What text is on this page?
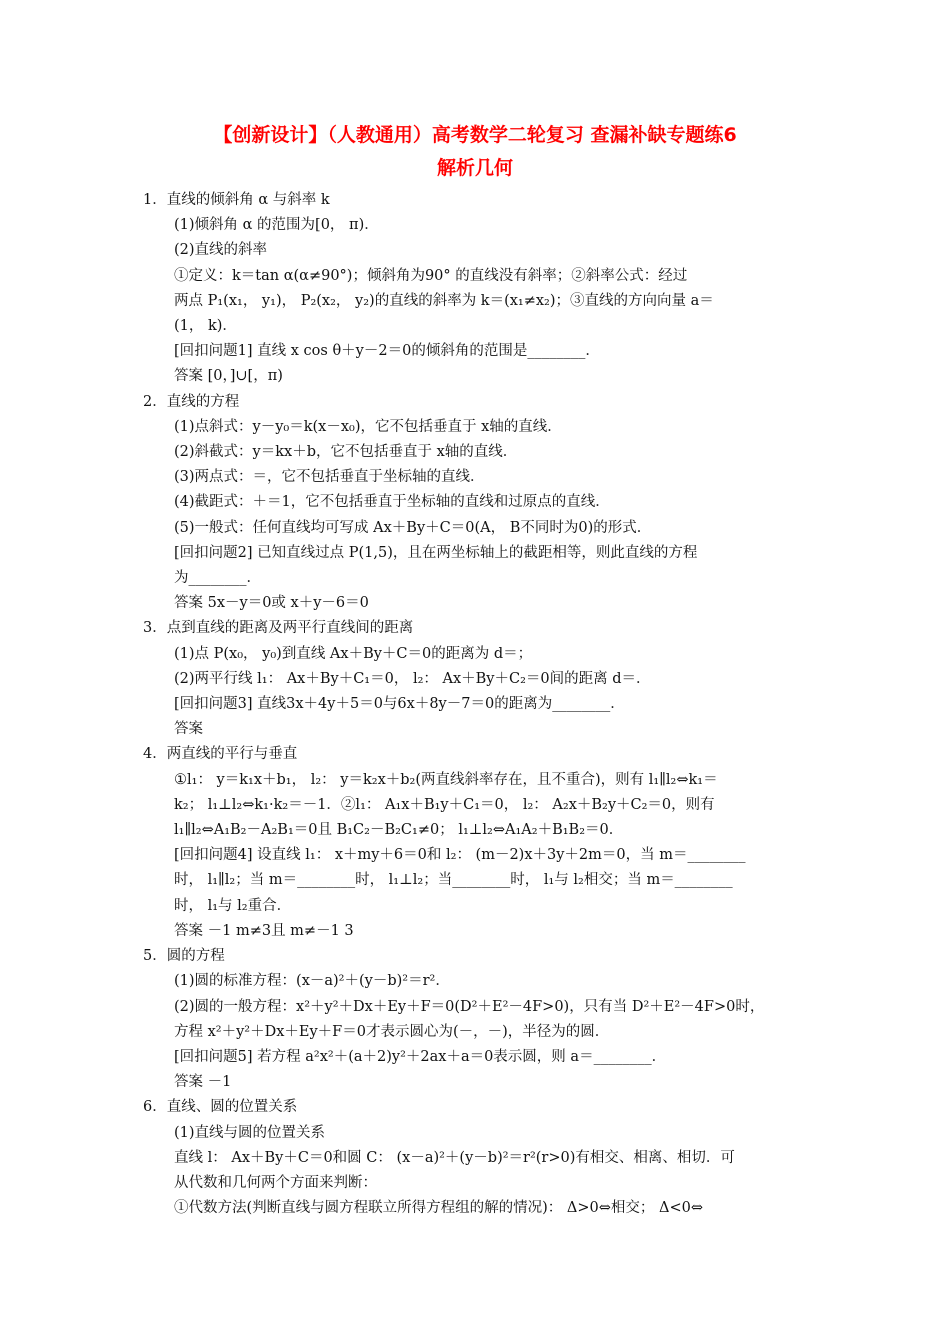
【创新设计】（人教通用）高考数学二轮复习 查漏补缺专题练6
解析几何
1．直线的倾斜角 α 与斜率 k
(1)倾斜角 α 的范围为[0， π)．
(2)直线的斜率
①定义：k＝tan α(α≠90°)；倾斜角为90° 的直线没有斜率；②斜率公式：经过
两点 P₁(x₁， y₁)， P₂(x₂， y₂)的直线的斜率为 k＝(x₁≠x₂)；③直线的方向向量 a＝
(1， k)．
[回扣问题1] 直线 x cos θ＋y－2＝0的倾斜角的范围是________．
答案 [0，]∪[，π)
2．直线的方程
(1)点斜式：y－y₀＝k(x－x₀)，它不包括垂直于 x轴的直线．
(2)斜截式：y＝kx＋b，它不包括垂直于 x轴的直线．
(3)两点式：＝，它不包括垂直于坐标轴的直线．
(4)截距式：＋＝1，它不包括垂直于坐标轴的直线和过原点的直线．
(5)一般式：任何直线均可写成 Ax＋By＋C＝0(A， B不同时为0)的形式．
[回扣问题2] 已知直线过点 P(1,5)，且在两坐标轴上的截距相等，则此直线的方程
为________．
答案 5x－y＝0或 x＋y－6＝0
3．点到直线的距离及两平行直线间的距离
(1)点 P(x₀， y₀)到直线 Ax＋By＋C＝0的距离为 d＝；
(2)两平行线 l₁： Ax＋By＋C₁＝0， l₂： Ax＋By＋C₂＝0间的距离 d＝．
[回扣问题3] 直线3x＋4y＋5＝0与6x＋8y－7＝0的距离为________．
答案
4．两直线的平行与垂直
①l₁： y＝k₁x＋b₁， l₂： y＝k₂x＋b₂(两直线斜率存在，且不重合)，则有 l₁∥l₂⇔k₁＝
k₂； l₁⊥l₂⇔k₁·k₂＝－1．②l₁： A₁x＋B₁y＋C₁＝0， l₂： A₂x＋B₂y＋C₂＝0，则有
l₁∥l₂⇔A₁B₂－A₂B₁＝0且 B₁C₂－B₂C₁≠0； l₁⊥l₂⇔A₁A₂＋B₁B₂＝0．
[回扣问题4] 设直线 l₁： x＋my＋6＝0和 l₂： (m－2)x＋3y＋2m＝0，当 m＝________
时， l₁∥l₂；当 m＝________时， l₁⊥l₂；当________时， l₁与 l₂相交；当 m＝________
时， l₁与 l₂重合．
答案 －1 m≠3且 m≠－1 3
5．圆的方程
(1)圆的标准方程：(x－a)²＋(y－b)²＝r²．
(2)圆的一般方程：x²＋y²＋Dx＋Ey＋F＝0(D²＋E²－4F>0)，只有当 D²＋E²－4F>0时，
方程 x²＋y²＋Dx＋Ey＋F＝0才表示圆心为(－，－)，半径为的圆．
[回扣问题5] 若方程 a²x²＋(a＋2)y²＋2ax＋a＝0表示圆，则 a＝________．
答案 －1
6．直线、圆的位置关系
(1)直线与圆的位置关系
直线 l： Ax＋By＋C＝0和圆 C： (x－a)²＋(y－b)²＝r²(r>0)有相交、相离、相切．可
从代数和几何两个方面来判断：
①代数方法(判断直线与圆方程联立所得方程组的解的情况)： Δ>0⇔相交； Δ<0⇔
